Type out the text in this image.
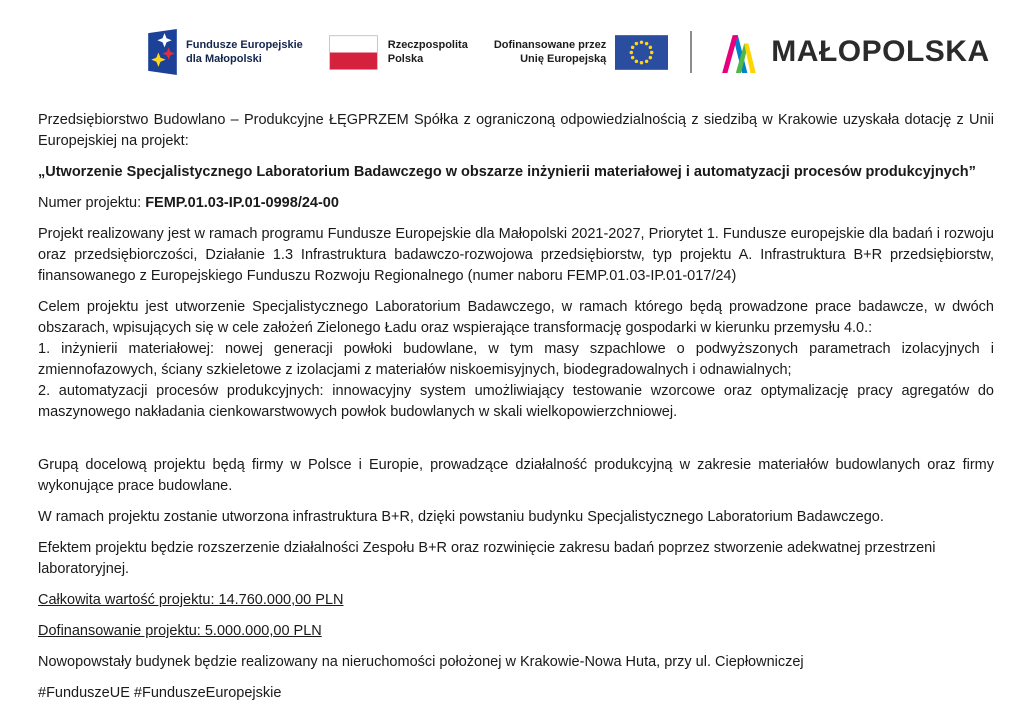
Fundusze Europejskie
dla Małopolski
Rzeczpospolita
Polska
Dofinansowane przez
Unię Europejską	MAŁOPOLSKA

Przedsiębiorstwo Budowlano – Produkcyjne ŁĘGPRZEM Spółka z ograniczoną odpowiedzialnością z siedzibą w Krakowie uzyskała dotację z Unii Europejskiej na projekt:

„Utworzenie Specjalistycznego Laboratorium Badawczego w obszarze inżynierii materiałowej i automatyzacji procesów produkcyjnych”

Numer projektu: FEMP.01.03-IP.01-0998/24-00

Projekt realizowany jest w ramach programu Fundusze Europejskie dla Małopolski 2021-2027, Priorytet 1. Fundusze europejskie dla badań i rozwoju oraz przedsiębiorczości, Działanie 1.3 Infrastruktura badawczo-rozwojowa przedsiębiorstw, typ projektu A. Infrastruktura B+R przedsiębiorstw, finansowanego z Europejskiego Funduszu Rozwoju Regionalnego (numer naboru FEMP.01.03-IP.01-017/24)

Celem projektu jest utworzenie Specjalistycznego Laboratorium Badawczego, w ramach którego będą prowadzone prace badawcze, w dwóch obszarach, wpisujących się w cele założeń Zielonego Ładu oraz wspierające transformację gospodarki w kierunku przemysłu 4.0.:
1. inżynierii materiałowej: nowej generacji powłoki budowlane, w tym masy szpachlowe o podwyższonych parametrach izolacyjnych i zmiennofazowych, ściany szkieletowe z izolacjami z materiałów niskoemisyjnych, biodegradowalnych i odnawialnych;
2. automatyzacji procesów produkcyjnych: innowacyjny system umożliwiający testowanie wzorcowe oraz optymalizację pracy agregatów do maszynowego nakładania cienkowarstwowych powłok budowlanych w skali wielkopowierzchniowej.

Grupą docelową projektu będą firmy w Polsce i Europie, prowadzące działalność produkcyjną w zakresie materiałów budowlanych oraz firmy wykonujące prace budowlane.

W ramach projektu zostanie utworzona infrastruktura B+R, dzięki powstaniu budynku Specjalistycznego Laboratorium Badawczego.

Efektem projektu będzie rozszerzenie działalności Zespołu B+R oraz rozwinięcie zakresu badań poprzez stworzenie adekwatnej przestrzeni laboratoryjnej.

Całkowita wartość projektu: 14.760.000,00 PLN

Dofinansowanie projektu: 5.000.000,00 PLN

Nowopowstały budynek będzie realizowany na nieruchomości położonej w Krakowie-Nowa Huta, przy ul. Ciepłowniczej

#FunduszeUE #FunduszeEuropejskie
